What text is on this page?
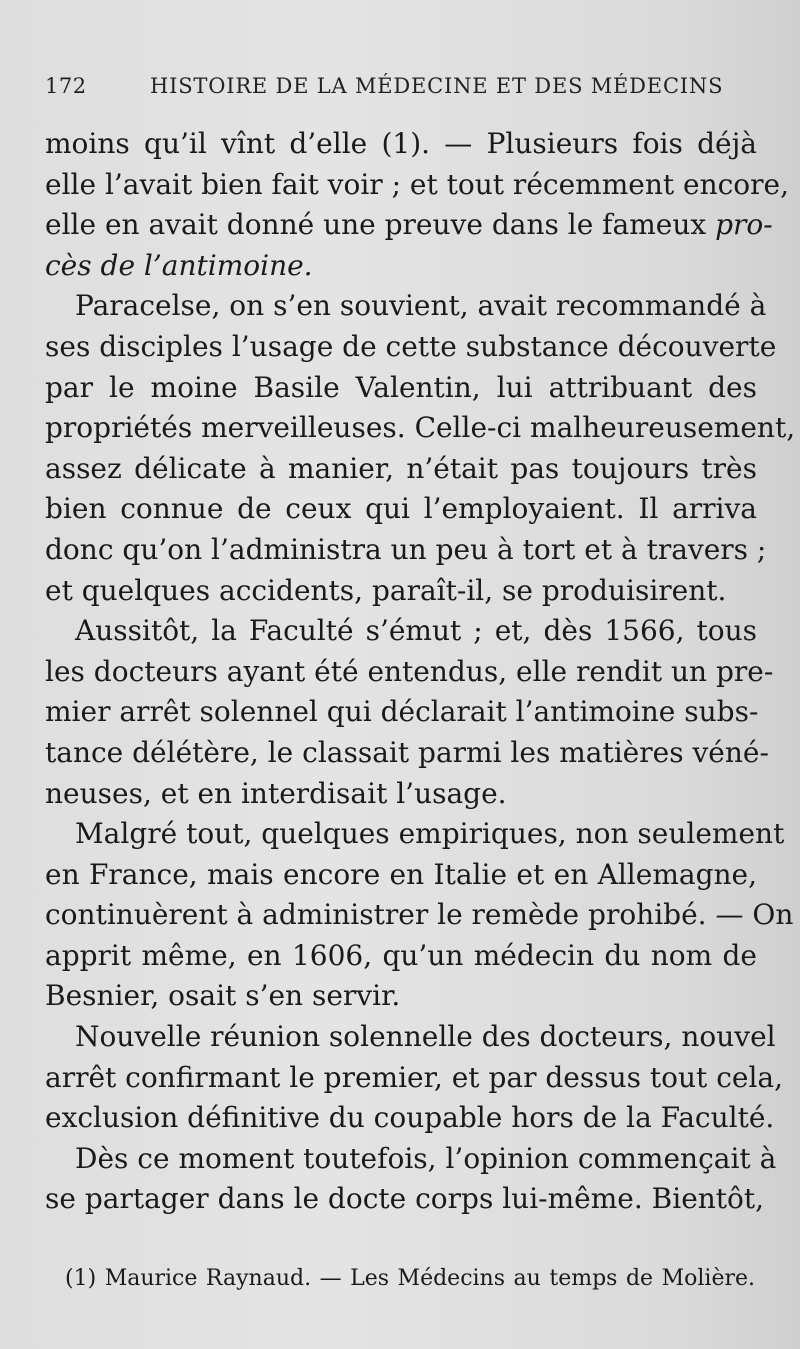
172	HISTOIRE DE LA MÉDECINE ET DES MÉDECINS
moins qu’il vînt d’elle (1). — Plusieurs fois déjà
elle l’avait bien fait voir ; et tout récemment encore,
elle en avait donné une preuve dans le fameux pro-
cès de l’antimoine.
Paracelse, on s’en souvient, avait recommandé à
ses disciples l’usage de cette substance découverte
par le moine Basile Valentin, lui attribuant des
propriétés merveilleuses. Celle-ci malheureusement,
assez délicate à manier, n’était pas toujours très
bien connue de ceux qui l’employaient. Il arriva
donc qu’on l’administra un peu à tort et à travers ;
et quelques accidents, paraît-il, se produisirent.
Aussitôt, la Faculté s’émut ; et, dès 1566, tous
les docteurs ayant été entendus, elle rendit un pre-
mier arrêt solennel qui déclarait l’antimoine subs-
tance délétère, le classait parmi les matières véné-
neuses, et en interdisait l’usage.
Malgré tout, quelques empiriques, non seulement
en France, mais encore en Italie et en Allemagne,
continuèrent à administrer le remède prohibé. — On
apprit même, en 1606, qu’un médecin du nom de
Besnier, osait s’en servir.
Nouvelle réunion solennelle des docteurs, nouvel
arrêt confirmant le premier, et par dessus tout cela,
exclusion définitive du coupable hors de la Faculté.
Dès ce moment toutefois, l’opinion commençait à
se partager dans le docte corps lui-même. Bientôt,
(1) Maurice Raynaud. — Les Médecins au temps de Molière.
